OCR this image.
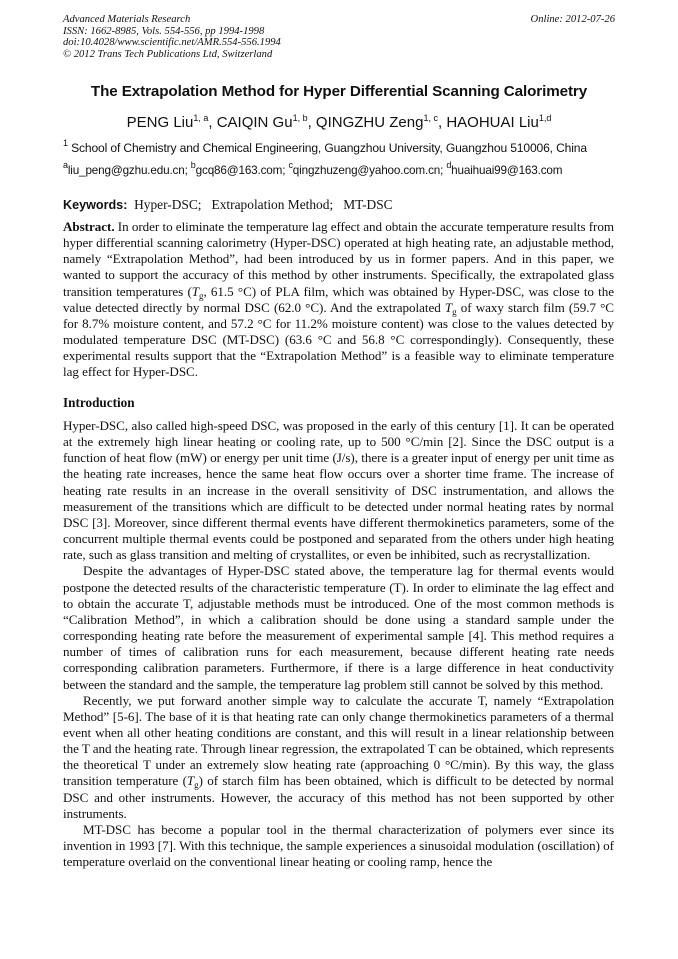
Advanced Materials Research
ISSN: 1662-8985, Vols. 554-556, pp 1994-1998
doi:10.4028/www.scientific.net/AMR.554-556.1994
© 2012 Trans Tech Publications Ltd, Switzerland
Online: 2012-07-26
The Extrapolation Method for Hyper Differential Scanning Calorimetry
PENG Liu$^{1, a}$, CAIQIN Gu$^{1, b}$, QINGZHU Zeng$^{1, c}$, HAOHUAI Liu$^{1,d}$
$^1$ School of Chemistry and Chemical Engineering, Guangzhou University, Guangzhou 510006, China
$^a$liu_peng@gzhu.edu.cn; $^b$gcq86@163.com; $^c$qingzhuzeng@yahoo.com.cn; $^d$huaihuai99@163.com
Keywords: Hyper-DSC;   Extrapolation Method;   MT-DSC

Abstract. In order to eliminate the temperature lag effect and obtain the accurate temperature results from hyper differential scanning calorimetry (Hyper-DSC) operated at high heating rate, an adjustable method, namely “Extrapolation Method”, had been introduced by us in former papers. And in this paper, we wanted to support the accuracy of this method by other instruments. Specifically, the extrapolated glass transition temperatures ($T_g$, 61.5 °C) of PLA film, which was obtained by Hyper-DSC, was close to the value detected directly by normal DSC (62.0 °C). And the extrapolated $T_g$ of waxy starch film (59.7 °C for 8.7% moisture content, and 57.2 °C for 11.2% moisture content) was close to the values detected by modulated temperature DSC (MT-DSC) (63.6 °C and 56.8 °C correspondingly). Consequently, these experimental results support that the “Extrapolation Method” is a feasible way to eliminate temperature lag effect for Hyper-DSC.

Introduction

Hyper-DSC, also called high-speed DSC, was proposed in the early of this century [1]. It can be operated at the extremely high linear heating or cooling rate, up to 500 °C/min [2]. Since the DSC output is a function of heat flow (mW) or energy per unit time (J/s), there is a greater input of energy per unit time as the heating rate increases, hence the same heat flow occurs over a shorter time frame. The increase of heating rate results in an increase in the overall sensitivity of DSC instrumentation, and allows the measurement of the transitions which are difficult to be detected under normal heating rates by normal DSC [3]. Moreover, since different thermal events have different thermokinetics parameters, some of the concurrent multiple thermal events could be postponed and separated from the others under high heating rate, such as glass transition and melting of crystallites, or even be inhibited, such as recrystallization.

Despite the advantages of Hyper-DSC stated above, the temperature lag for thermal events would postpone the detected results of the characteristic temperature (T). In order to eliminate the lag effect and to obtain the accurate T, adjustable methods must be introduced. One of the most common methods is “Calibration Method”, in which a calibration should be done using a standard sample under the corresponding heating rate before the measurement of experimental sample [4]. This method requires a number of times of calibration runs for each measurement, because different heating rate needs corresponding calibration parameters. Furthermore, if there is a large difference in heat conductivity between the standard and the sample, the temperature lag problem still cannot be solved by this method.

Recently, we put forward another simple way to calculate the accurate T, namely “Extrapolation Method” [5-6]. The base of it is that heating rate can only change thermokinetics parameters of a thermal event when all other heating conditions are constant, and this will result in a linear relationship between the T and the heating rate. Through linear regression, the extrapolated T can be obtained, which represents the theoretical T under an extremely slow heating rate (approaching 0 °C/min). By this way, the glass transition temperature $(T_g)$ of starch film has been obtained, which is difficult to be detected by normal DSC and other instruments. However, the accuracy of this method has not been supported by other instruments.

MT-DSC has become a popular tool in the thermal characterization of polymers ever since its invention in 1993 [7]. With this technique, the sample experiences a sinusoidal modulation (oscillation) of temperature overlaid on the conventional linear heating or cooling ramp, hence the
